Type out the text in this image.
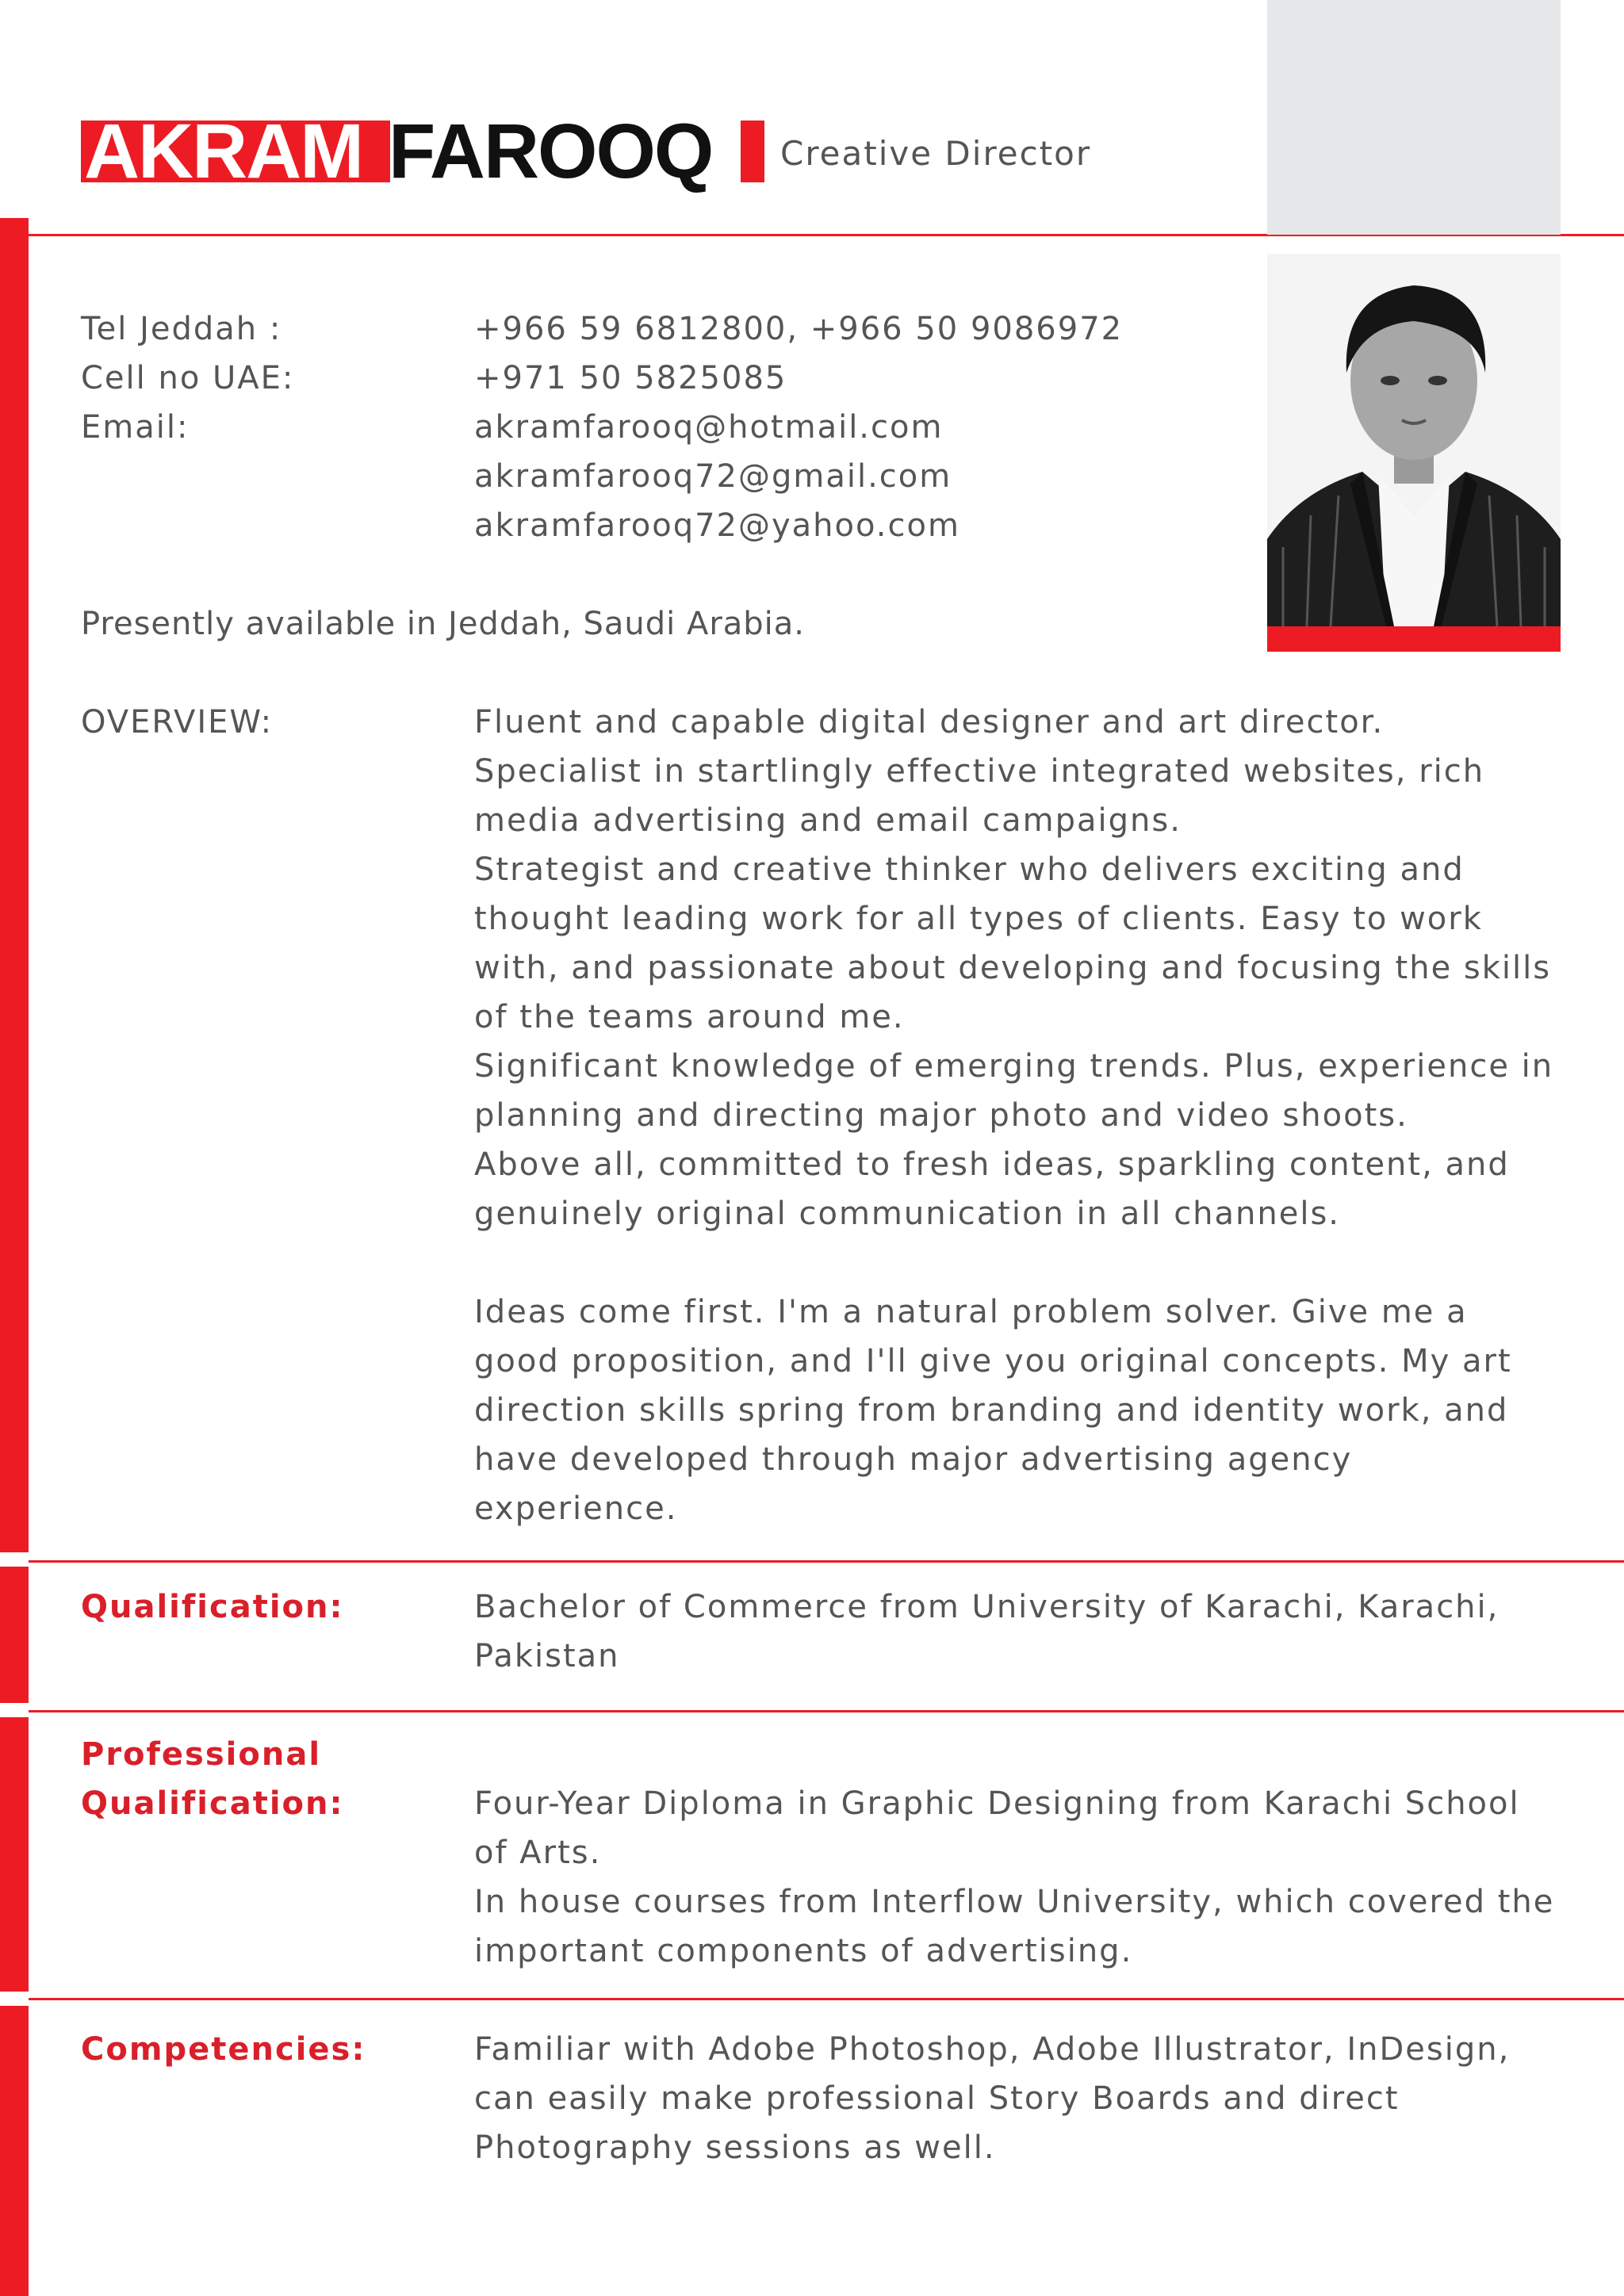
AKRAM FAROOQ Creative Director
Tel Jeddah :	+966 59 6812800, +966 50 9086972
Cell no UAE:	+971 50 5825085
Email:	akramfarooq@hotmail.com
akramfarooq72@gmail.com
akramfarooq72@yahoo.com
Presently available in Jeddah, Saudi Arabia.
OVERVIEW:	Fluent and capable digital designer and art director.
Specialist in startlingly effective integrated websites, rich
media advertising and email campaigns.
Strategist and creative thinker who delivers exciting and
thought leading work for all types of clients. Easy to work
with, and passionate about developing and focusing the skills
of the teams around me.
Significant knowledge of emerging trends. Plus, experience in
planning and directing major photo and video shoots.
Above all, committed to fresh ideas, sparkling content, and
genuinely original communication in all channels.
Ideas come first. I'm a natural problem solver. Give me a
good proposition, and I'll give you original concepts. My art
direction skills spring from branding and identity work, and
have developed through major advertising agency
experience.
Qualification:	Bachelor of Commerce from University of Karachi, Karachi,
Pakistan
Professional
Qualification:	Four-Year Diploma in Graphic Designing from Karachi School
of Arts.
In house courses from Interflow University, which covered the
important components of advertising.
Competencies:	Familiar with Adobe Photoshop, Adobe Illustrator, InDesign,
can easily make professional Story Boards and direct
Photography sessions as well.
